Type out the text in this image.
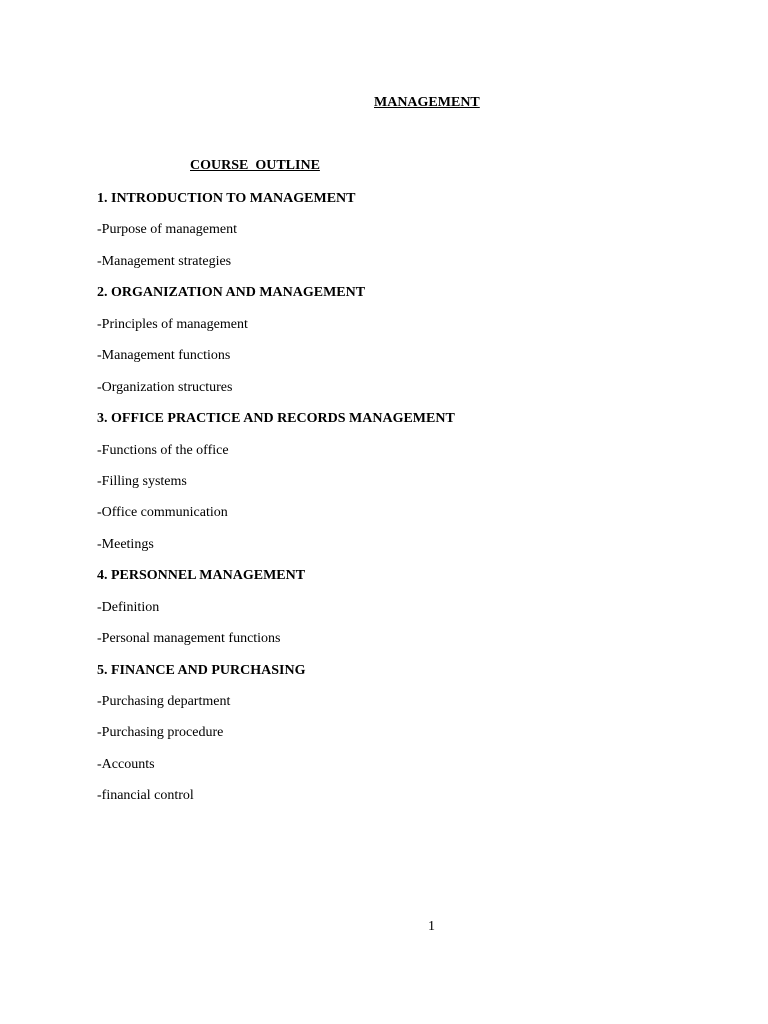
MANAGEMENT
COURSE  OUTLINE
1. INTRODUCTION TO MANAGEMENT
-Purpose of management
-Management strategies
2. ORGANIZATION AND MANAGEMENT
-Principles of management
-Management functions
-Organization structures
3. OFFICE PRACTICE AND RECORDS MANAGEMENT
-Functions of the office
-Filling systems
-Office communication
-Meetings
4. PERSONNEL MANAGEMENT
-Definition
-Personal management functions
5. FINANCE AND PURCHASING
-Purchasing department
-Purchasing procedure
-Accounts
-financial control
1
